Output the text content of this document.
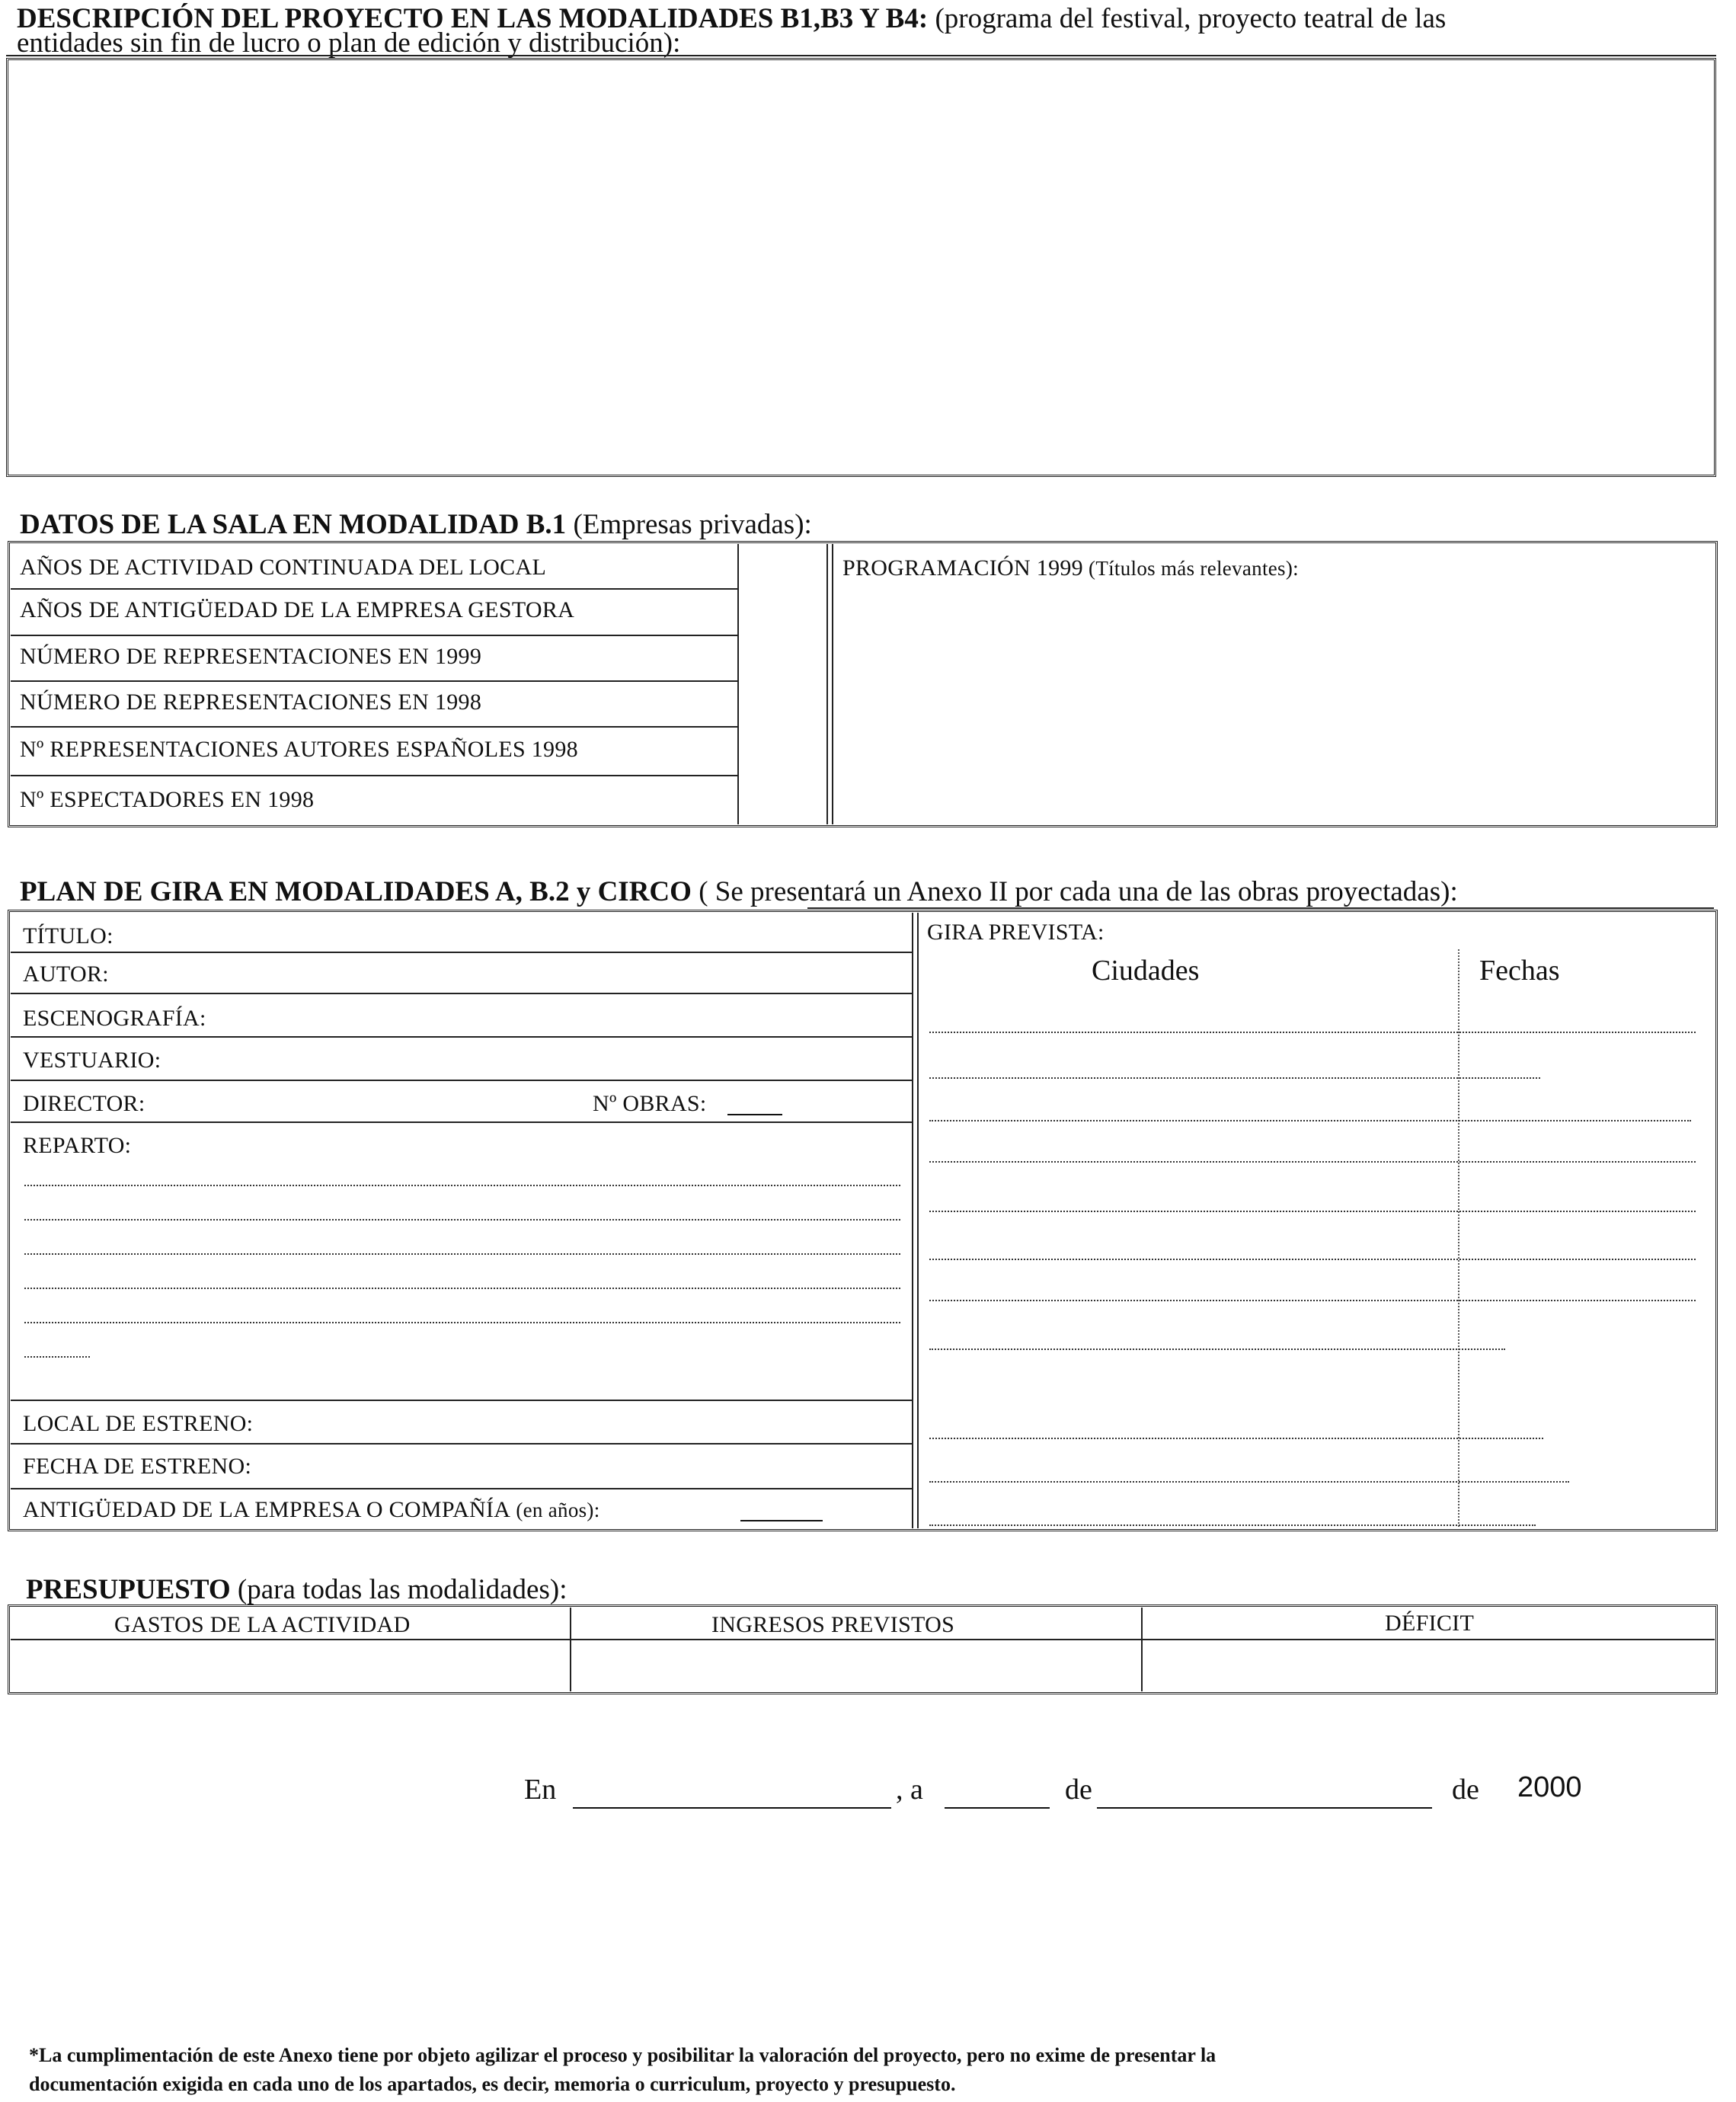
DESCRIPCIÓN DEL PROYECTO EN LAS MODALIDADES B1,B3 Y B4: (programa del festival, proyecto teatral de las
entidades sin fin de lucro o plan de edición y distribución):
DATOS DE LA SALA EN MODALIDAD B.1 (Empresas privadas):
AÑOS DE ACTIVIDAD CONTINUADA DEL LOCAL
AÑOS DE ANTIGÜEDAD DE LA EMPRESA GESTORA
NÚMERO DE REPRESENTACIONES EN 1999
NÚMERO DE REPRESENTACIONES EN 1998
Nº REPRESENTACIONES AUTORES ESPAÑOLES 1998
Nº ESPECTADORES EN 1998
PROGRAMACIÓN 1999 (Títulos más relevantes):
PLAN DE GIRA EN MODALIDADES A, B.2 y CIRCO ( Se presentará un Anexo II por cada una de las obras proyectadas):
TÍTULO:
AUTOR:
ESCENOGRAFÍA:
VESTUARIO:
DIRECTOR:	Nº OBRAS:
REPARTO:
LOCAL DE ESTRENO:
FECHA DE ESTRENO:
ANTIGÜEDAD DE LA EMPRESA O COMPAÑÍA (en años):
GIRA PREVISTA:
Ciudades	Fechas
PRESUPUESTO (para todas las modalidades):
GASTOS DE LA ACTIVIDAD	INGRESOS PREVISTOS	DÉFICIT
En	, a	de	de 2000
*La cumplimentación de este Anexo tiene por objeto agilizar el proceso y posibilitar la valoración del proyecto, pero no exime de presentar la
documentación exigida en cada uno de los apartados, es decir, memoria o curriculum, proyecto y presupuesto.
